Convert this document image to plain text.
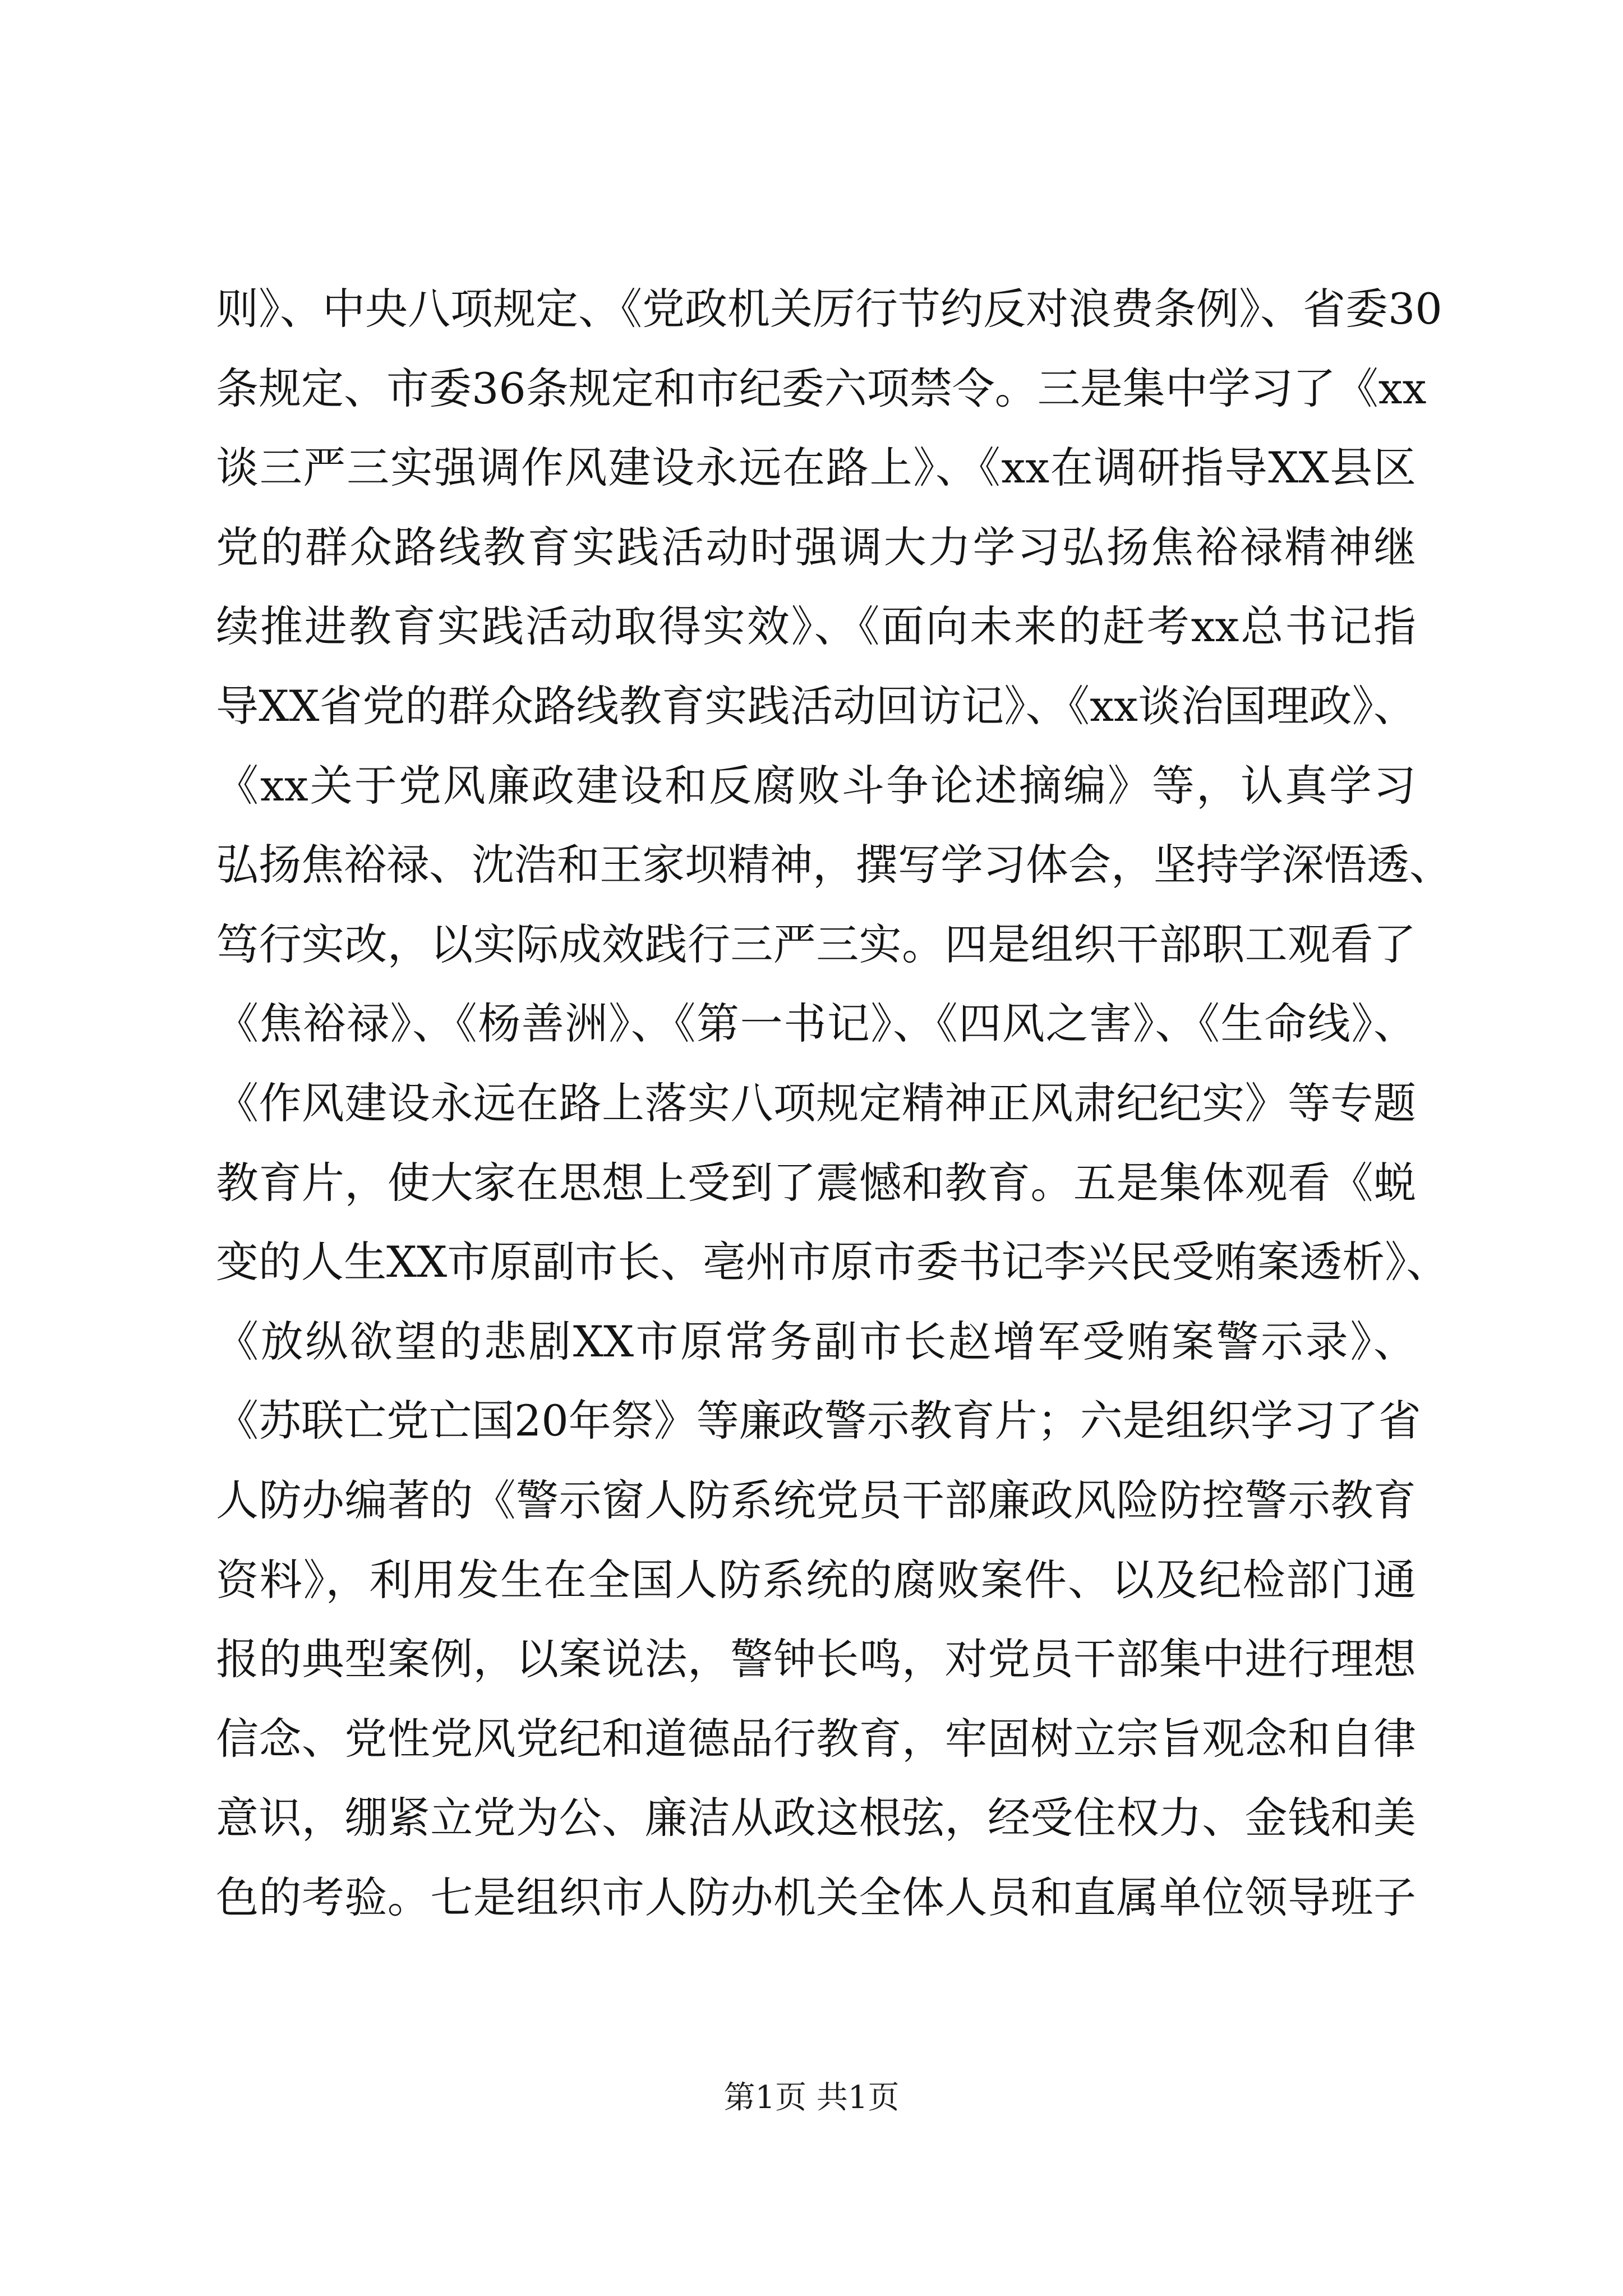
则》、中央八项规定、《党政机关厉行节约反对浪费条例》、省委30
条规定、市委36条规定和市纪委六项禁令。三是集中学习了《xx
谈三严三实强调作风建设永远在路上》、《xx在调研指导XX县区
党的群众路线教育实践活动时强调大力学习弘扬焦裕禄精神继
续推进教育实践活动取得实效》、《面向未来的赶考xx总书记指
导XX省党的群众路线教育实践活动回访记》、《xx谈治国理政》、
《xx关于党风廉政建设和反腐败斗争论述摘编》等，认真学习
弘扬焦裕禄、沈浩和王家坝精神，撰写学习体会，坚持学深悟透、
笃行实改，以实际成效践行三严三实。四是组织干部职工观看了
《焦裕禄》、《杨善洲》、《第一书记》、《四风之害》、《生命线》、
《作风建设永远在路上落实八项规定精神正风肃纪纪实》等专题
教育片，使大家在思想上受到了震憾和教育。五是集体观看《蜕
变的人生XX市原副市长、亳州市原市委书记李兴民受贿案透析》、
《放纵欲望的悲剧XX市原常务副市长赵增军受贿案警示录》、
《苏联亡党亡国20年祭》等廉政警示教育片；六是组织学习了省
人防办编著的《警示窗人防系统党员干部廉政风险防控警示教育
资料》，利用发生在全国人防系统的腐败案件、以及纪检部门通
报的典型案例，以案说法，警钟长鸣，对党员干部集中进行理想
信念、党性党风党纪和道德品行教育，牢固树立宗旨观念和自律
意识，绷紧立党为公、廉洁从政这根弦，经受住权力、金钱和美
色的考验。七是组织市人防办机关全体人员和直属单位领导班子
第1页 共1页
